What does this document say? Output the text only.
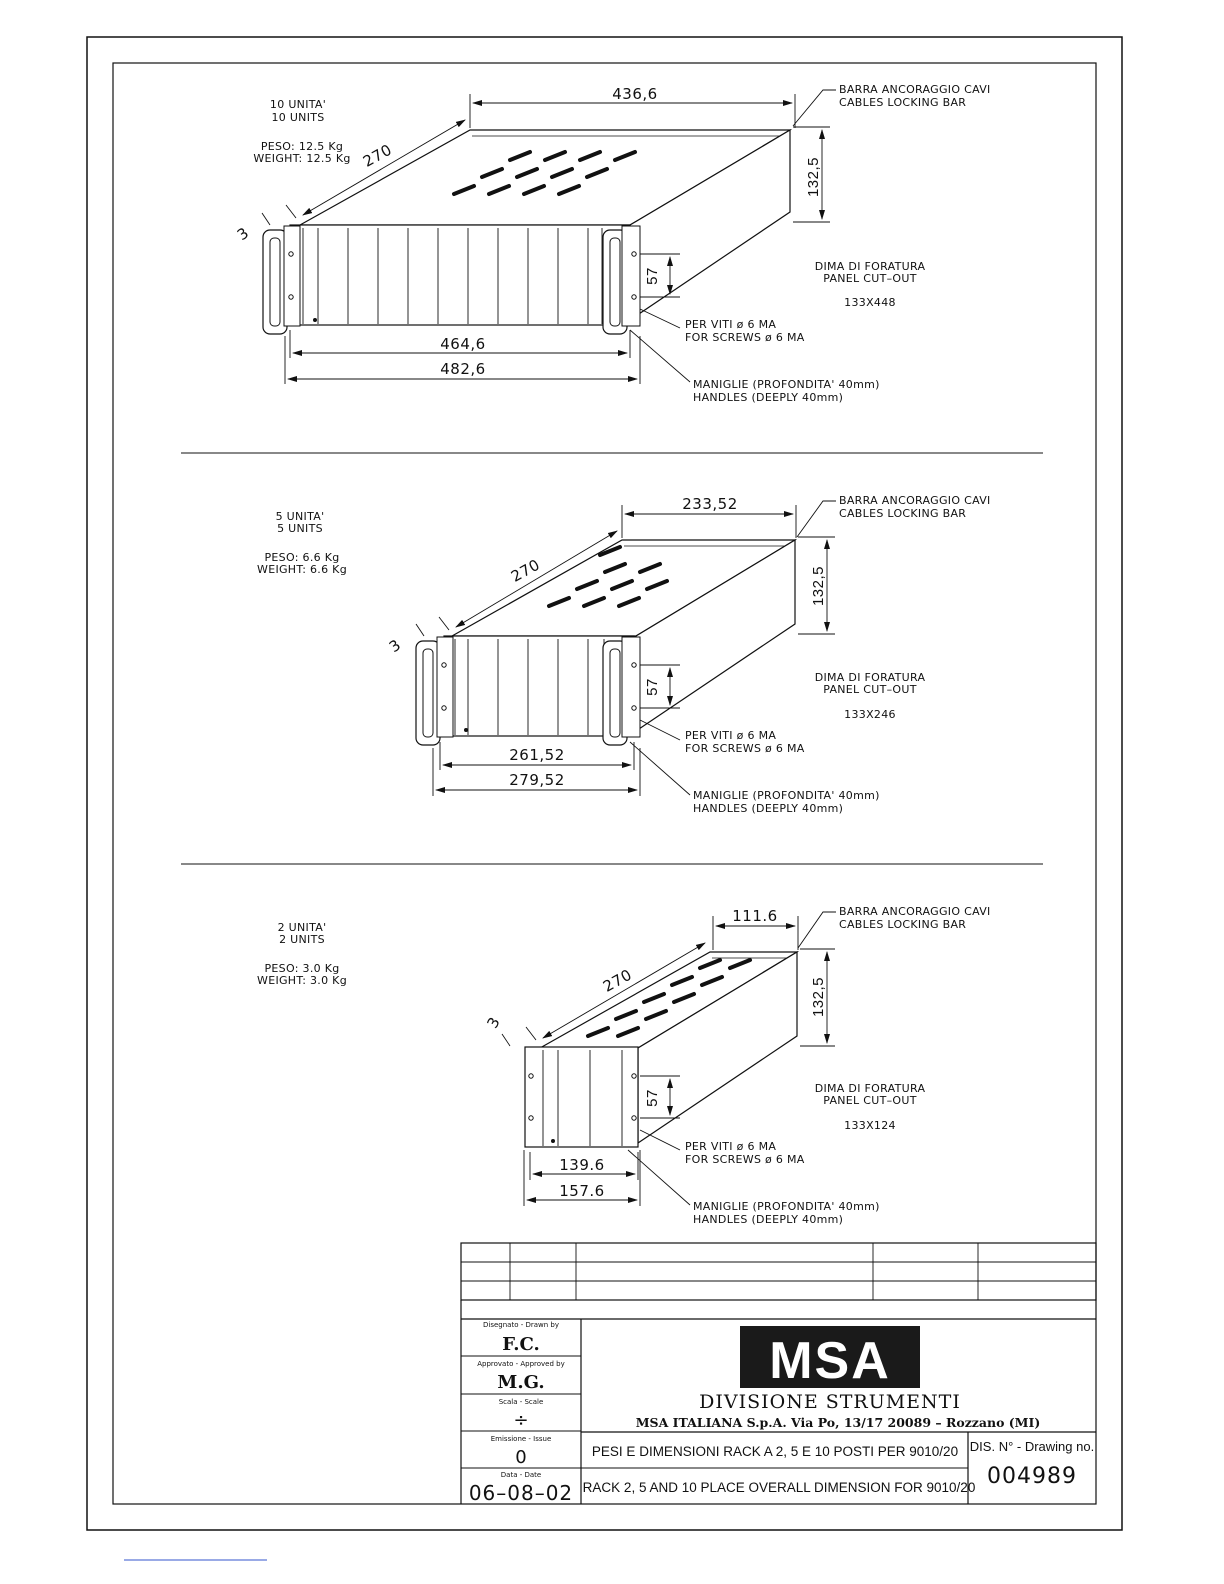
10 UNITA'
10 UNITS
PESO: 12.5 Kg
WEIGHT: 12.5 Kg
436,6
132,5
270
3
57
464,6
482,6
BARRA ANCORAGGIO CAVI
CABLES LOCKING BAR
DIMA DI FORATURA
PANEL CUT–OUT
133X448
PER VITI ø 6 MA
FOR SCREWS ø 6 MA
MANIGLIE (PROFONDITA' 40mm)
HANDLES (DEEPLY 40mm)
5 UNITA'
5 UNITS
PESO: 6.6 Kg
WEIGHT: 6.6 Kg
233,52
132,5
270
3
57
261,52
279,52
BARRA ANCORAGGIO CAVI
CABLES LOCKING BAR
DIMA DI FORATURA
PANEL CUT–OUT
133X246
PER VITI ø 6 MA
FOR SCREWS ø 6 MA
MANIGLIE (PROFONDITA' 40mm)
HANDLES (DEEPLY 40mm)
2 UNITA'
2 UNITS
PESO: 3.0 Kg
WEIGHT: 3.0 Kg
111.6
132,5
270
3
57
139.6
157.6
BARRA ANCORAGGIO CAVI
CABLES LOCKING BAR
DIMA DI FORATURA
PANEL CUT–OUT
133X124
PER VITI ø 6 MA
FOR SCREWS ø 6 MA
MANIGLIE (PROFONDITA' 40mm)
HANDLES (DEEPLY 40mm)
Disegnato - Drawn by
F.C.
Approvato - Approved by
M.G.
Scala - Scale
÷
Emissione - Issue
0
Data - Date
06–08–02
MSA
DIVISIONE STRUMENTI
MSA ITALIANA S.p.A. Via Po, 13/17 20089 – Rozzano (MI)
PESI E DIMENSIONI RACK A 2, 5 E 10 POSTI PER 9010/20
RACK 2, 5 AND 10 PLACE OVERALL DIMENSION FOR 9010/20
DIS. N° - Drawing no.
004989
